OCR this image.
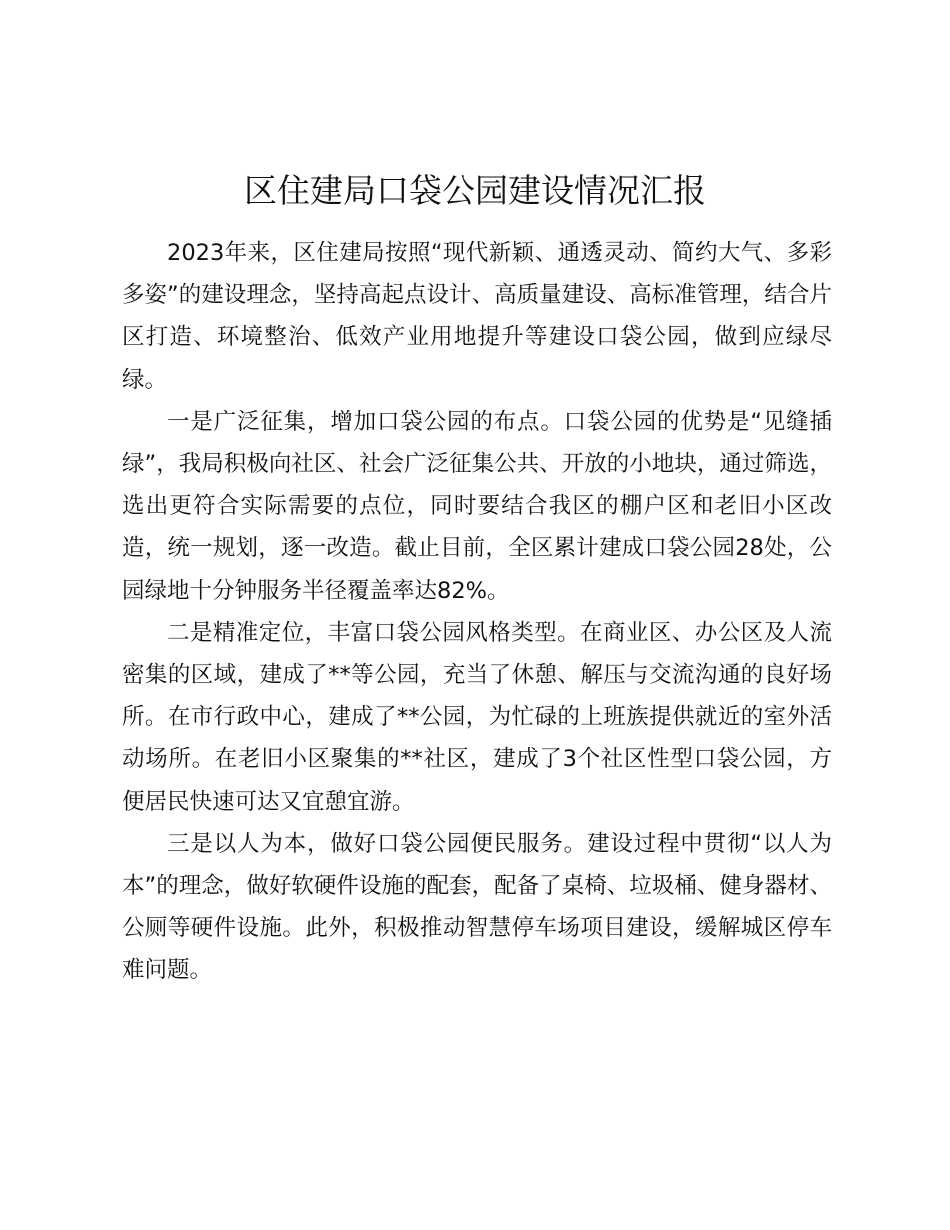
区住建局口袋公园建设情况汇报

2023年来，区住建局按照“现代新颖、通透灵动、简约大气、多彩多姿”的建设理念，坚持高起点设计、高质量建设、高标准管理，结合片区打造、环境整治、低效产业用地提升等建设口袋公园，做到应绿尽绿。

一是广泛征集，增加口袋公园的布点。口袋公园的优势是“见缝插绿”，我局积极向社区、社会广泛征集公共、开放的小地块，通过筛选，选出更符合实际需要的点位，同时要结合我区的棚户区和老旧小区改造，统一规划，逐一改造。截止目前，全区累计建成口袋公园28处，公园绿地十分钟服务半径覆盖率达82%。

二是精准定位，丰富口袋公园风格类型。在商业区、办公区及人流密集的区域，建成了**等公园，充当了休憩、解压与交流沟通的良好场所。在市行政中心，建成了**公园，为忙碌的上班族提供就近的室外活动场所。在老旧小区聚集的**社区，建成了3个社区性型口袋公园，方便居民快速可达又宜憩宜游。

三是以人为本，做好口袋公园便民服务。建设过程中贯彻“以人为本”的理念，做好软硬件设施的配套，配备了桌椅、垃圾桶、健身器材、公厕等硬件设施。此外，积极推动智慧停车场项目建设，缓解城区停车难问题。
